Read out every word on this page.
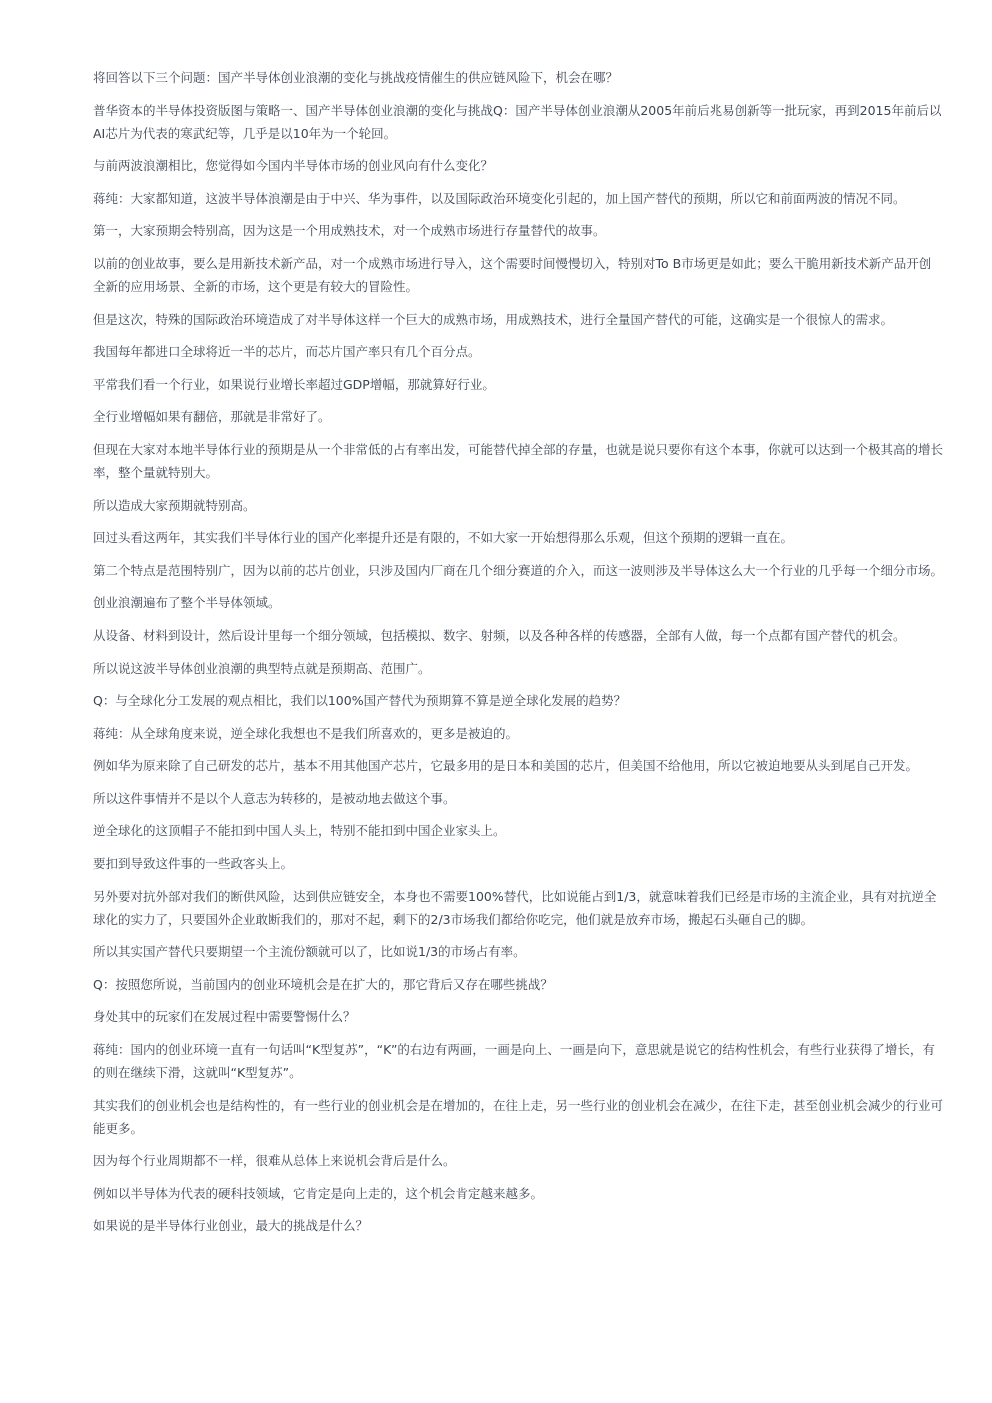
将回答以下三个问题：国产半导体创业浪潮的变化与挑战疫情催生的供应链风险下，机会在哪？

普华资本的半导体投资版图与策略一、国产半导体创业浪潮的变化与挑战Q：国产半导体创业浪潮从2005年前后兆易创新等一批玩家，再到2015年前后以AI芯片为代表的寒武纪等，几乎是以10年为一个轮回。

与前两波浪潮相比，您觉得如今国内半导体市场的创业风向有什么变化？

蒋纯：大家都知道，这波半导体浪潮是由于中兴、华为事件，以及国际政治环境变化引起的，加上国产替代的预期，所以它和前面两波的情况不同。

第一，大家预期会特别高，因为这是一个用成熟技术，对一个成熟市场进行存量替代的故事。

以前的创业故事，要么是用新技术新产品，对一个成熟市场进行导入，这个需要时间慢慢切入，特别对To B市场更是如此；要么干脆用新技术新产品开创全新的应用场景、全新的市场，这个更是有较大的冒险性。

但是这次，特殊的国际政治环境造成了对半导体这样一个巨大的成熟市场，用成熟技术，进行全量国产替代的可能，这确实是一个很惊人的需求。

我国每年都进口全球将近一半的芯片，而芯片国产率只有几个百分点。

平常我们看一个行业，如果说行业增长率超过GDP增幅，那就算好行业。

全行业增幅如果有翻倍，那就是非常好了。

但现在大家对本地半导体行业的预期是从一个非常低的占有率出发，可能替代掉全部的存量，也就是说只要你有这个本事，你就可以达到一个极其高的增长率，整个量就特别大。

所以造成大家预期就特别高。

回过头看这两年，其实我们半导体行业的国产化率提升还是有限的，不如大家一开始想得那么乐观，但这个预期的逻辑一直在。

第二个特点是范围特别广，因为以前的芯片创业，只涉及国内厂商在几个细分赛道的介入，而这一波则涉及半导体这么大一个行业的几乎每一个细分市场。

创业浪潮遍布了整个半导体领域。

从设备、材料到设计，然后设计里每一个细分领域，包括模拟、数字、射频，以及各种各样的传感器，全部有人做，每一个点都有国产替代的机会。

所以说这波半导体创业浪潮的典型特点就是预期高、范围广。

Q：与全球化分工发展的观点相比，我们以100%国产替代为预期算不算是逆全球化发展的趋势？

蒋纯：从全球角度来说，逆全球化我想也不是我们所喜欢的，更多是被迫的。

例如华为原来除了自己研发的芯片，基本不用其他国产芯片，它最多用的是日本和美国的芯片，但美国不给他用，所以它被迫地要从头到尾自己开发。

所以这件事情并不是以个人意志为转移的，是被动地去做这个事。

逆全球化的这顶帽子不能扣到中国人头上，特别不能扣到中国企业家头上。

要扣到导致这件事的一些政客头上。

另外要对抗外部对我们的断供风险，达到供应链安全，本身也不需要100%替代，比如说能占到1/3，就意味着我们已经是市场的主流企业，具有对抗逆全球化的实力了，只要国外企业敢断我们的，那对不起，剩下的2/3市场我们都给你吃完，他们就是放弃市场，搬起石头砸自己的脚。

所以其实国产替代只要期望一个主流份额就可以了，比如说1/3的市场占有率。

Q：按照您所说，当前国内的创业环境机会是在扩大的，那它背后又存在哪些挑战？

身处其中的玩家们在发展过程中需要警惕什么？

蒋纯：国内的创业环境一直有一句话叫“K型复苏”，“K”的右边有两画，一画是向上、一画是向下，意思就是说它的结构性机会，有些行业获得了增长，有的则在继续下滑，这就叫“K型复苏”。

其实我们的创业机会也是结构性的，有一些行业的创业机会是在增加的，在往上走，另一些行业的创业机会在减少，在往下走，甚至创业机会减少的行业可能更多。

因为每个行业周期都不一样，很难从总体上来说机会背后是什么。

例如以半导体为代表的硬科技领域，它肯定是向上走的，这个机会肯定越来越多。

如果说的是半导体行业创业，最大的挑战是什么？
